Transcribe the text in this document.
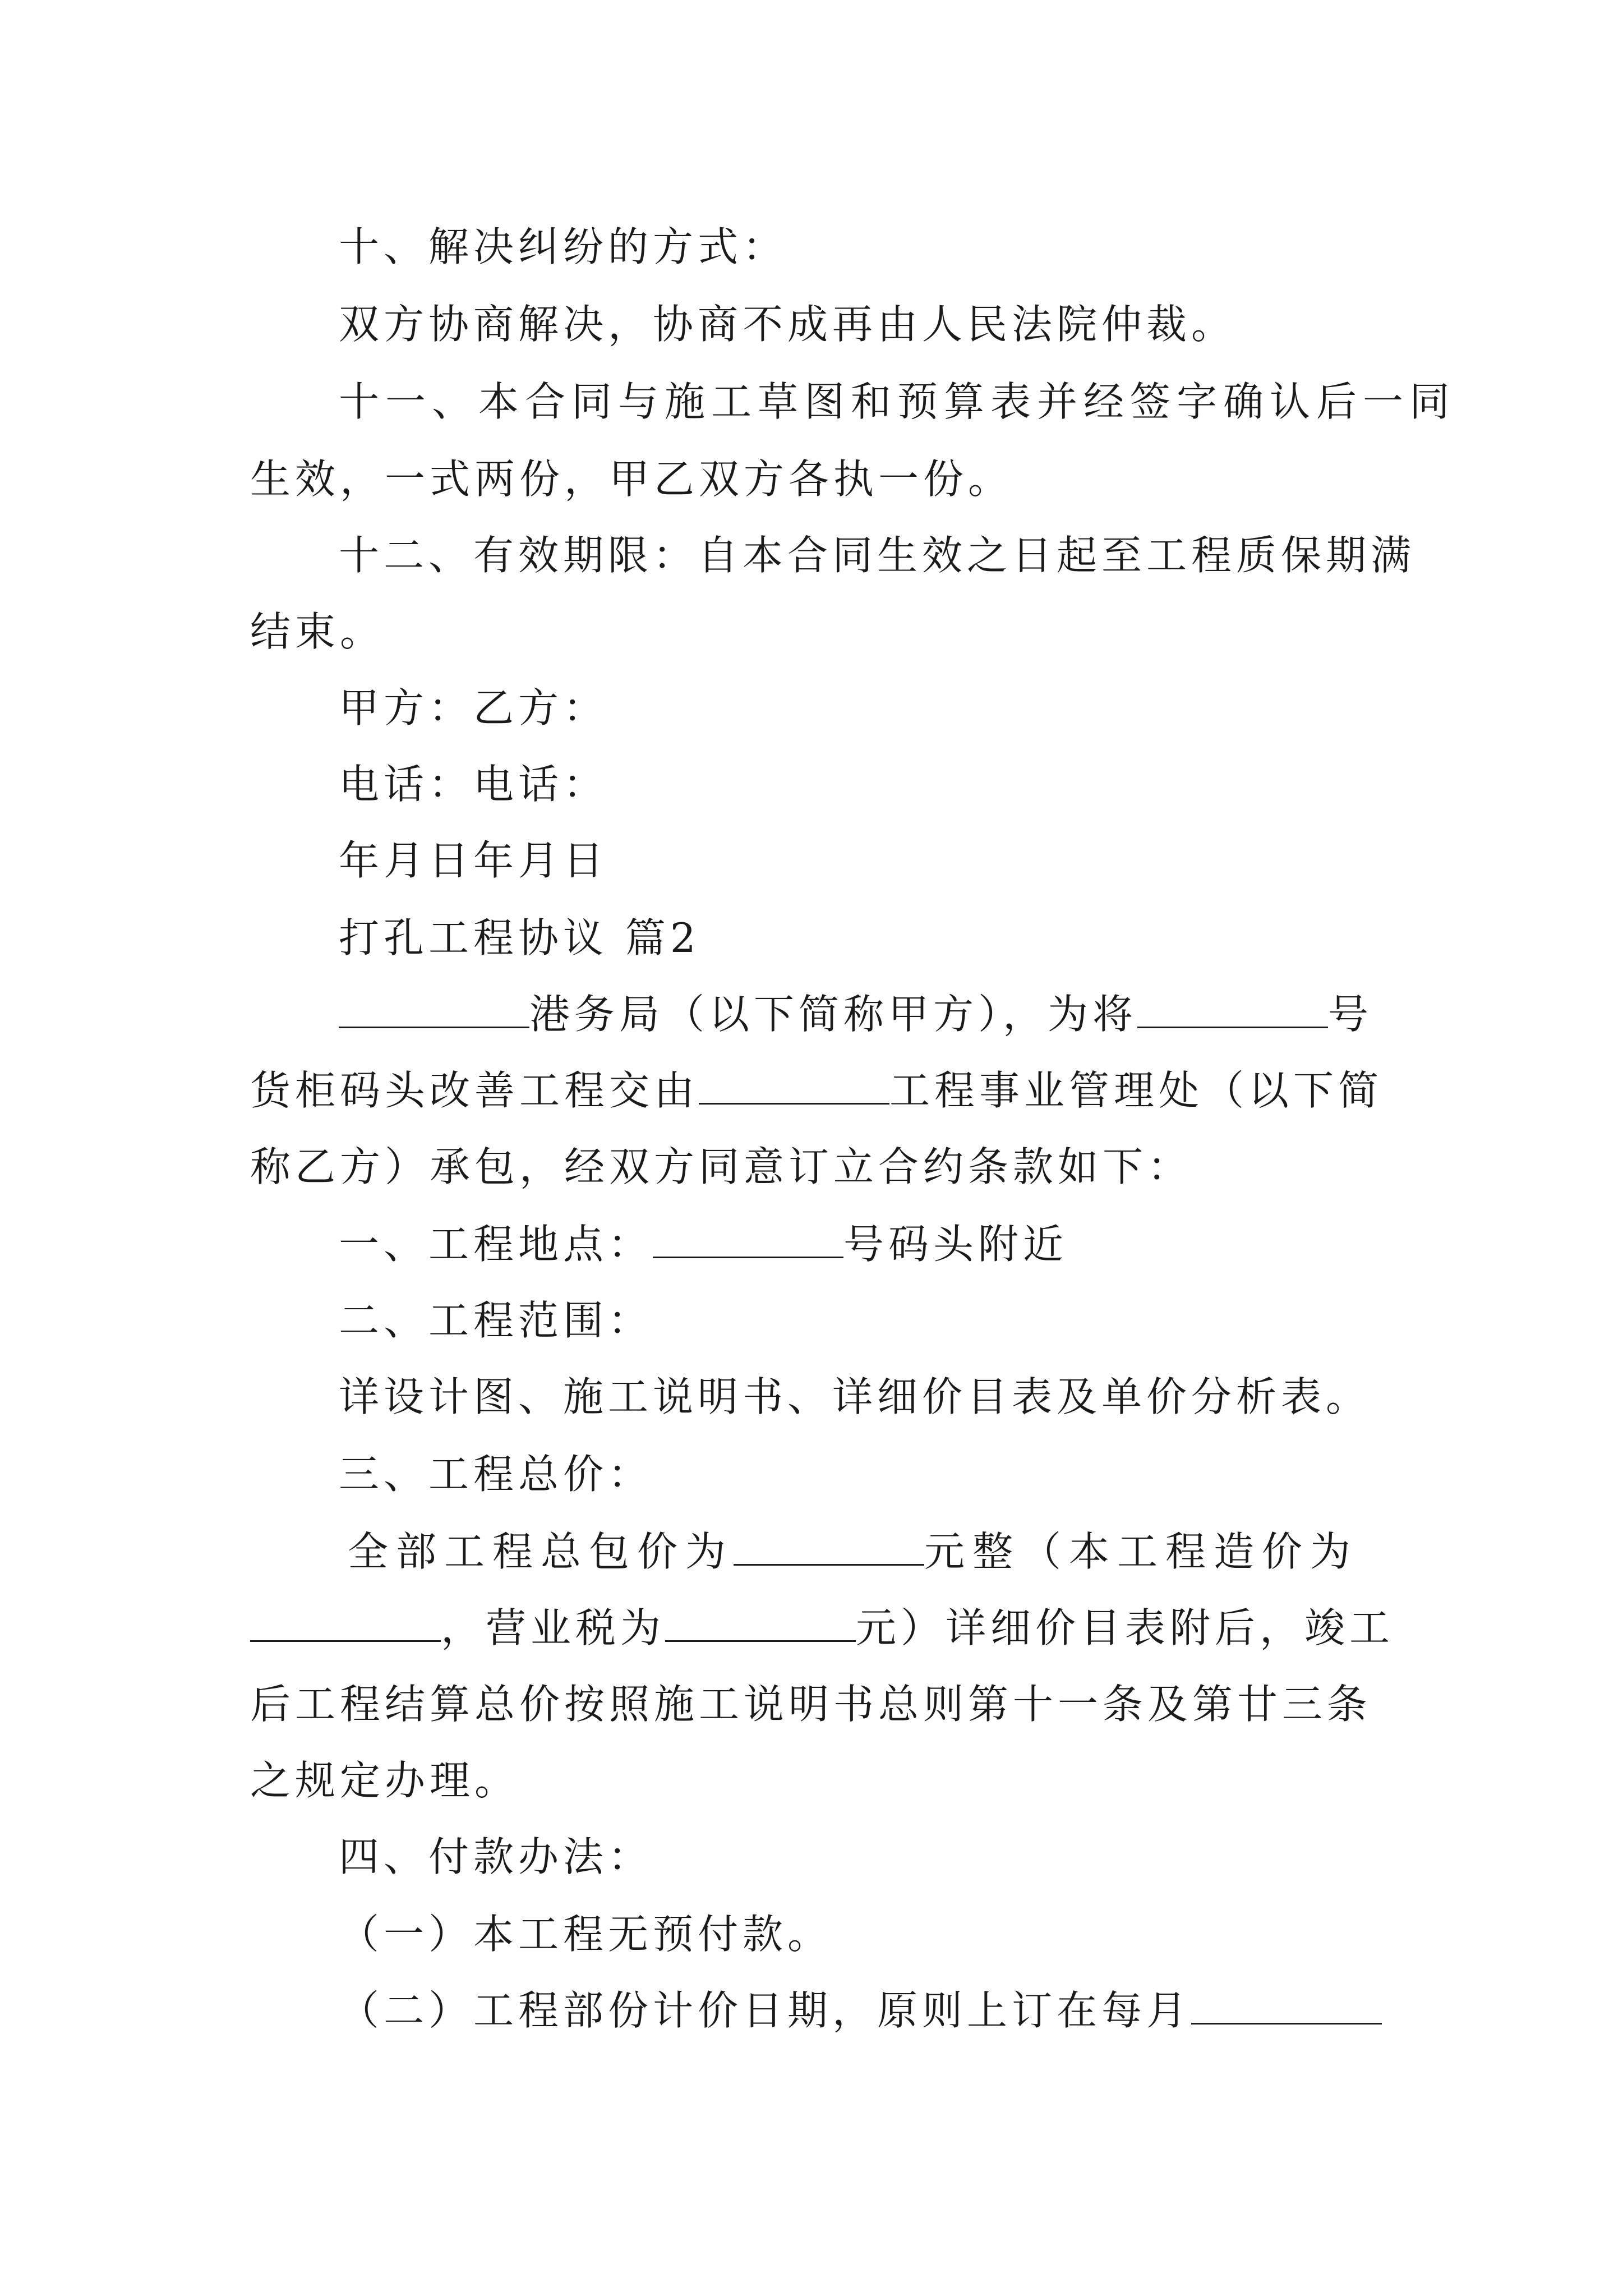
十、解决纠纷的方式：
双方协商解决，协商不成再由人民法院仲裁。
十一、本合同与施工草图和预算表并经签字确认后一同
生效，一式两份，甲乙双方各执一份。
十二、有效期限：自本合同生效之日起至工程质保期满
结束。
甲方：乙方：
电话：电话：
年月日年月日
打孔工程协议 篇2
港务局（以下简称甲方），为将	号
货柜码头改善工程交由	工程事业管理处（以下简
称乙方）承包，经双方同意订立合约条款如下：
一、工程地点：	号码头附近
二、工程范围：
详设计图、施工说明书、详细价目表及单价分析表。
三、工程总价：
全部工程总包价为	元整（本工程造价为
，营业税为	元）详细价目表附后，竣工
后工程结算总价按照施工说明书总则第十一条及第廿三条
之规定办理。
四、付款办法：
（一）本工程无预付款。
（二）工程部份计价日期，原则上订在每月
